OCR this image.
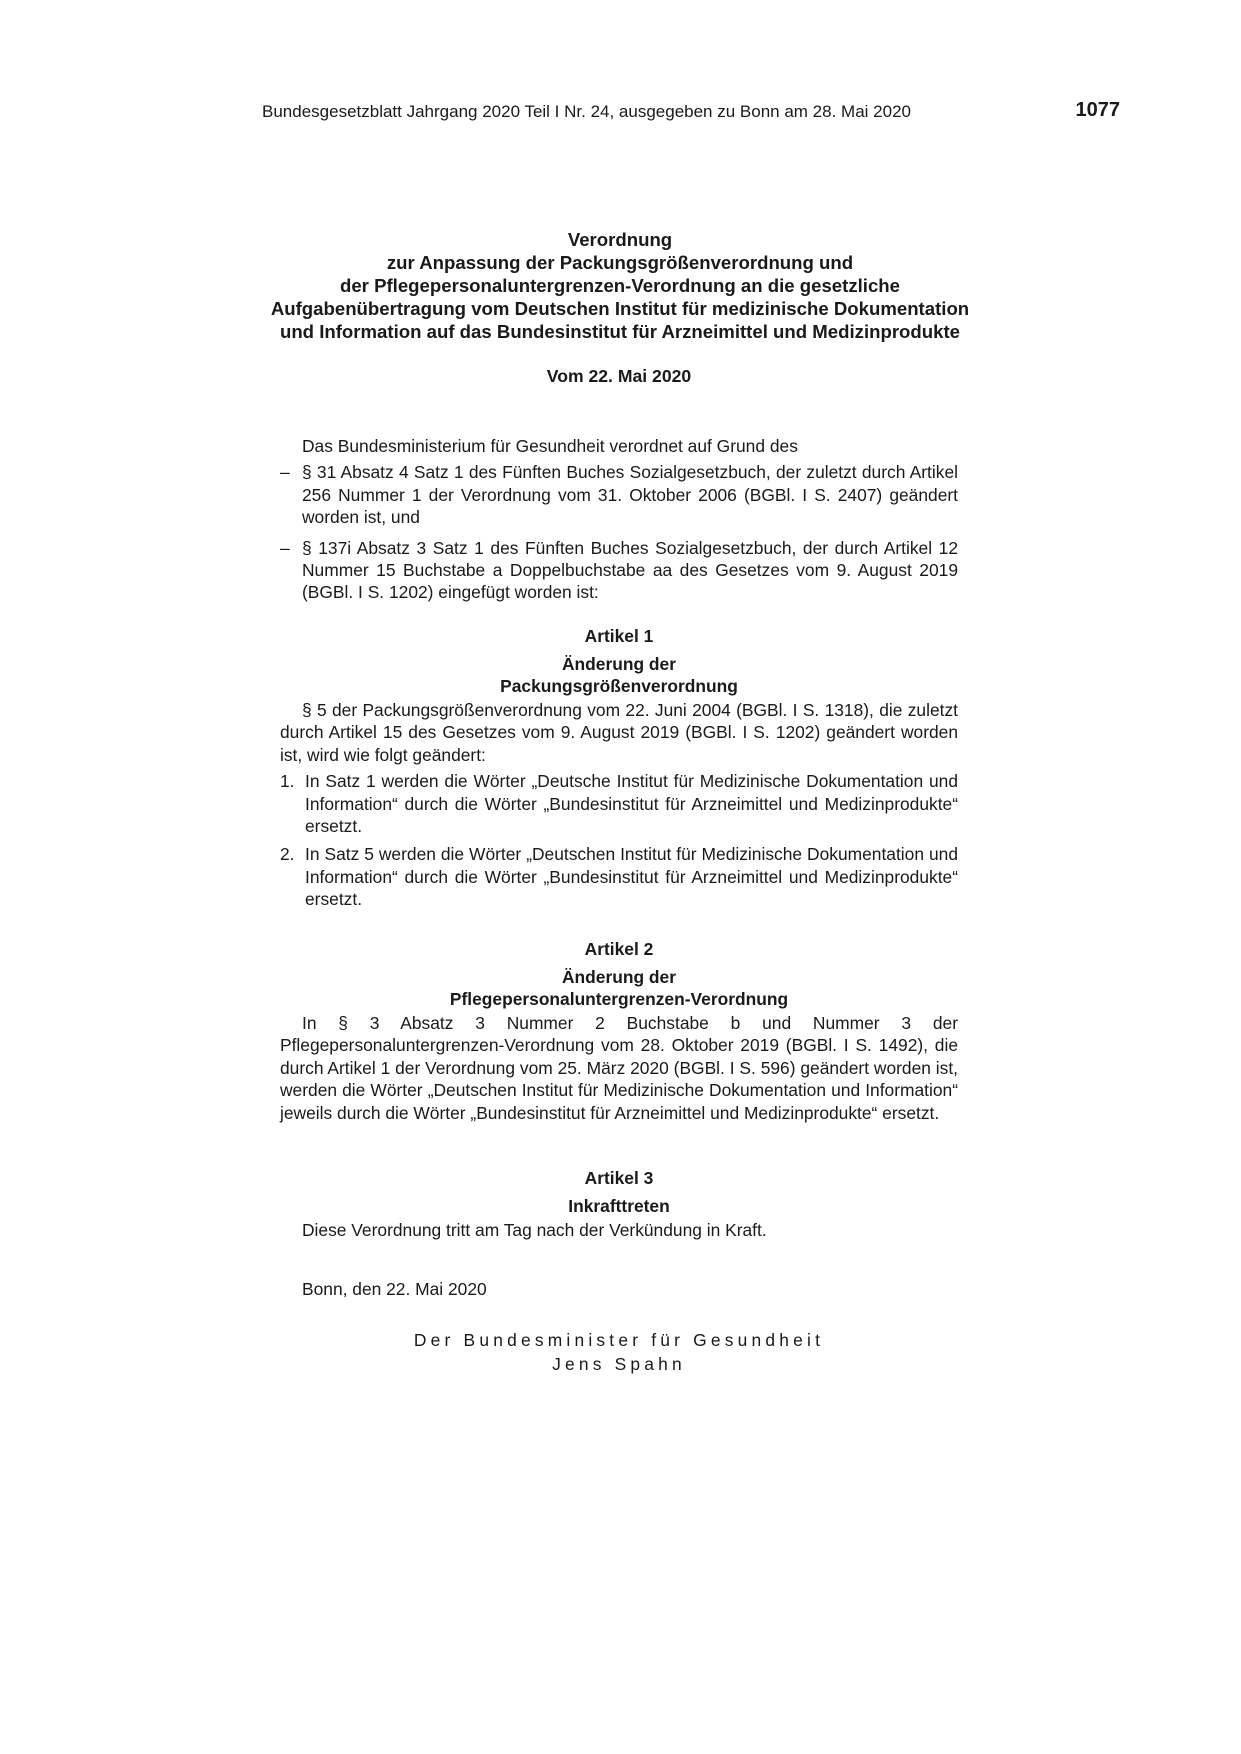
Bundesgesetzblatt Jahrgang 2020 Teil I Nr. 24, ausgegeben zu Bonn am 28. Mai 2020	1077
Verordnung
zur Anpassung der Packungsgrößenverordnung und
der Pflegepersonaluntergrenzen-Verordnung an die gesetzliche
Aufgabenübertragung vom Deutschen Institut für medizinische Dokumentation
und Information auf das Bundesinstitut für Arzneimittel und Medizinprodukte
Vom 22. Mai 2020
Das Bundesministerium für Gesundheit verordnet auf Grund des
– § 31 Absatz 4 Satz 1 des Fünften Buches Sozialgesetzbuch, der zuletzt durch Artikel 256 Nummer 1 der Verordnung vom 31. Oktober 2006 (BGBl. I S. 2407) geändert worden ist, und
– § 137i Absatz 3 Satz 1 des Fünften Buches Sozialgesetzbuch, der durch Artikel 12 Nummer 15 Buchstabe a Doppelbuchstabe aa des Gesetzes vom 9. August 2019 (BGBl. I S. 1202) eingefügt worden ist:
Artikel 1
Änderung der
Packungsgrößenverordnung
§ 5 der Packungsgrößenverordnung vom 22. Juni 2004 (BGBl. I S. 1318), die zuletzt durch Artikel 15 des Gesetzes vom 9. August 2019 (BGBl. I S. 1202) geändert worden ist, wird wie folgt geändert:
1. In Satz 1 werden die Wörter „Deutsche Institut für Medizinische Dokumentation und Information“ durch die Wörter „Bundesinstitut für Arzneimittel und Medizinprodukte“ ersetzt.
2. In Satz 5 werden die Wörter „Deutschen Institut für Medizinische Dokumentation und Information“ durch die Wörter „Bundesinstitut für Arzneimittel und Medizinprodukte“ ersetzt.
Artikel 2
Änderung der
Pflegepersonaluntergrenzen-Verordnung
In § 3 Absatz 3 Nummer 2 Buchstabe b und Nummer 3 der Pflegepersonaluntergrenzen-Verordnung vom 28. Oktober 2019 (BGBl. I S. 1492), die durch Artikel 1 der Verordnung vom 25. März 2020 (BGBl. I S. 596) geändert worden ist, werden die Wörter „Deutschen Institut für Medizinische Dokumentation und Information“ jeweils durch die Wörter „Bundesinstitut für Arzneimittel und Medizinprodukte“ ersetzt.
Artikel 3
Inkrafttreten
Diese Verordnung tritt am Tag nach der Verkündung in Kraft.
Bonn, den 22. Mai 2020
Der Bundesminister für Gesundheit
Jens Spahn
